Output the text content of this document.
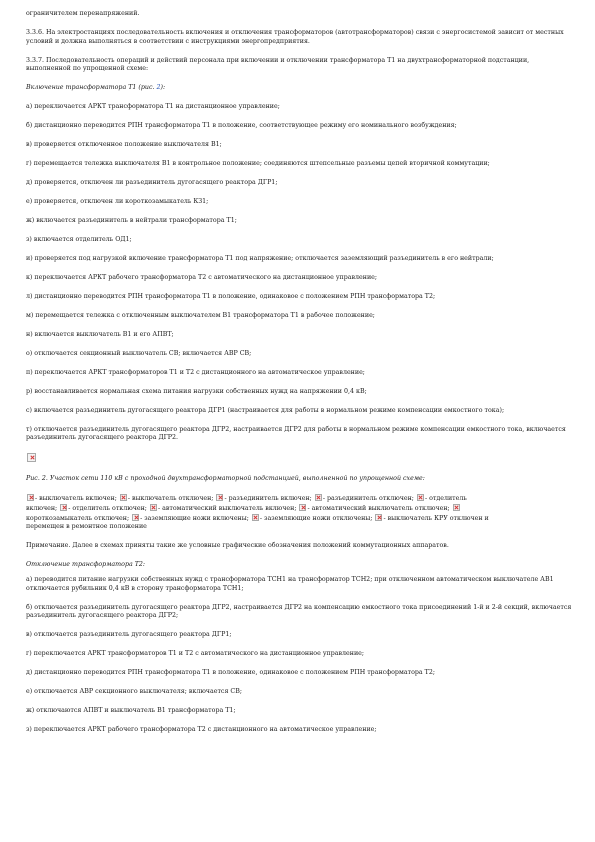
ограничителем перенапряжений.

3.3.6. На электростанциях последовательность включения и отключения трансформаторов (автотрансформаторов) связи с энергосистемой зависит от местных условий и должна выполняться в соответствии с инструкциями энергопредприятия.

3.3.7. Последовательность операций и действий персонала при включении и отключении трансформатора Т1 на двухтрансформаторной подстанции, выполненной по упрощенной схеме:

Включение трансформатора Т1 (рис. 2):

а) переключается АРКТ трансформатора Т1 на дистанционное управление;

б) дистанционно переводится РПН трансформатора Т1 в положение, соответствующее режиму его номинального возбуждения;

в) проверяется отключенное положение выключателя В1;

г) перемещается тележка выключателя В1 в контрольное положение; соединяются штепсельные разъемы цепей вторичной коммутации;

д) проверяется, отключен ли разъединитель дугогасящего реактора ДГР1;

е) проверяется, отключен ли короткозамыкатель КЗ1;

ж) включается разъединитель в нейтрали трансформатора Т1;

з) включается отделитель ОД1;

и) проверяется под нагрузкой включение трансформатора Т1 под напряжение; отключается заземляющий разъединитель в его нейтрали;

к) переключается АРКТ рабочего трансформатора Т2 с автоматического на дистанционное управление;

л) дистанционно переводится РПН трансформатора Т1 в положение, одинаковое с положением РПН трансформатора Т2;

м) перемещается тележка с отключенным выключателем В1 трансформатора Т1 в рабочее положение;

н) включается выключатель В1 и его АПВТ;

о) отключается секционный выключатель СВ; включается АВР СВ;

п) переключается АРКТ трансформаторов Т1 и Т2 с дистанционного на автоматическое управление;

р) восстанавливается нормальная схема питания нагрузки собственных нужд на напряжении 0,4 кВ;

с) включается разъединитель дугогасящего реактора ДГР1 (настраивается для работы в нормальном режиме компенсации емкостного тока);

т) отключается разъединитель дугогасящего реактора ДГР2, настраивается ДГР2 для работы в нормальном режиме компенсации емкостного тока, включается разъединитель дугогасящего реактора ДГР2.

Рис. 2. Участок сети 110 кВ с проходной двухтрансформаторной подстанцией, выполненной по упрощенной схеме:

- выключатель включен; - выключатель отключен; - разъединитель включен; - разъединитель отключен; - отделитель
включен; - отделитель отключен; - автоматический выключатель включен; - автоматический выключатель отключен;
короткозамыкатель отключен; - заземляющие ножи включены; - заземляющие ножи отключены; - выключатель КРУ отключен и
перемещен в ремонтное положение

Примечание. Далее в схемах приняты такие же условные графические обозначения положений коммутационных аппаратов.

Отключение трансформатора Т2:

а) переводится питание нагрузки собственных нужд с трансформатора ТСН1 на трансформатор ТСН2; при отключенном автоматическом выключателе АВ1 отключается рубильник 0,4 кВ в сторону трансформатора ТСН1;

б) отключается разъединитель дугогасящего реактора ДГР2, настраивается ДГР2 на компенсацию емкостного тока присоединений 1-й и 2-й секций, включается разъединитель дугогасящего реактора ДГР2;

в) отключается разъединитель дугогасящего реактора ДГР1;

г) переключается АРКТ трансформаторов Т1 и Т2 с автоматического на дистанционное управление;

д) дистанционно переводится РПН трансформатора Т1 в положение, одинаковое с положением РПН трансформатора Т2;

е) отключается АВР секционного выключателя; включается СВ;

ж) отключаются АПВТ и выключатель В1 трансформатора Т1;

з) переключается АРКТ рабочего трансформатора Т2 с дистанционного на автоматическое управление;
